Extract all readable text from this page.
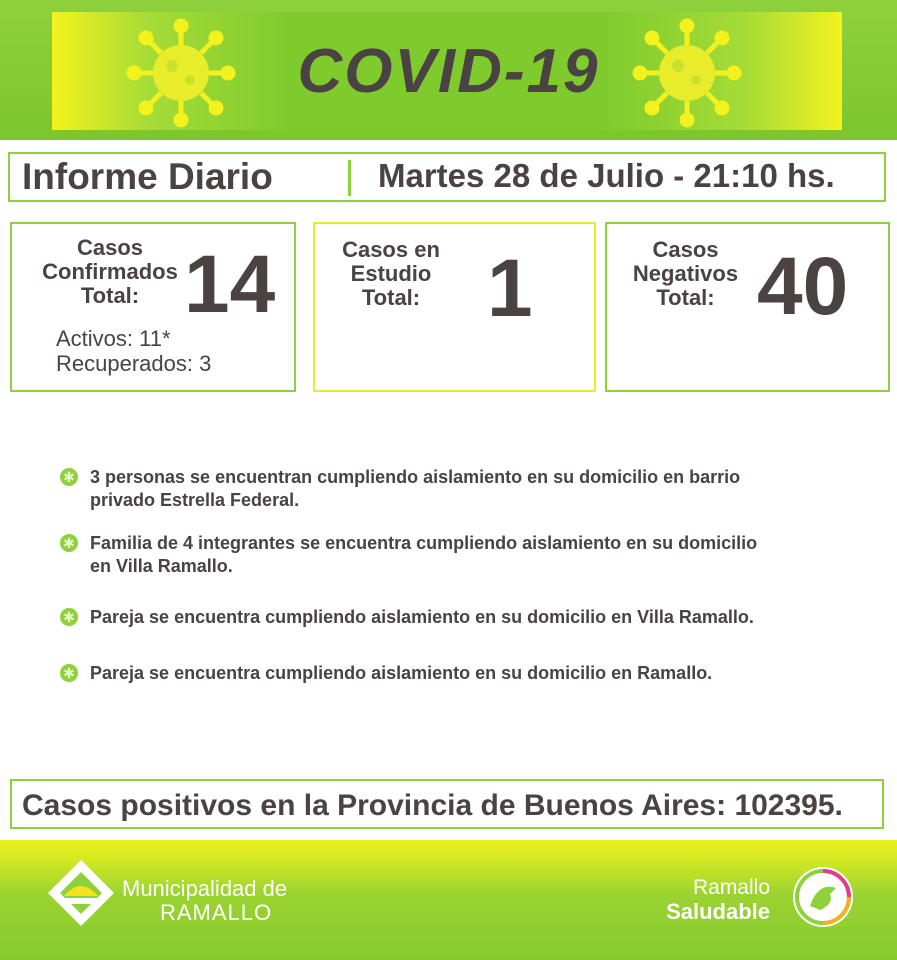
COVID-19
Informe Diario	Martes 28 de Julio - 21:10 hs.
Casos
Confirmados
Total: 14
Activos: 11*
Recuperados: 3
Casos en
Estudio
Total: 1	Casos
Negativos
Total: 40
✱ 3 personas se encuentran cumpliendo aislamiento en su domicilio en barrio
privado Estrella Federal.
✱ Familia de 4 integrantes se encuentra cumpliendo aislamiento en su domicilio
en Villa Ramallo.
✱ Pareja se encuentra cumpliendo aislamiento en su domicilio en Villa Ramallo.
✱ Pareja se encuentra cumpliendo aislamiento en su domicilio en Ramallo.
Casos positivos en la Provincia de Buenos Aires: 102395.
Municipalidad de
RAMALLO
Ramallo
Saludable
